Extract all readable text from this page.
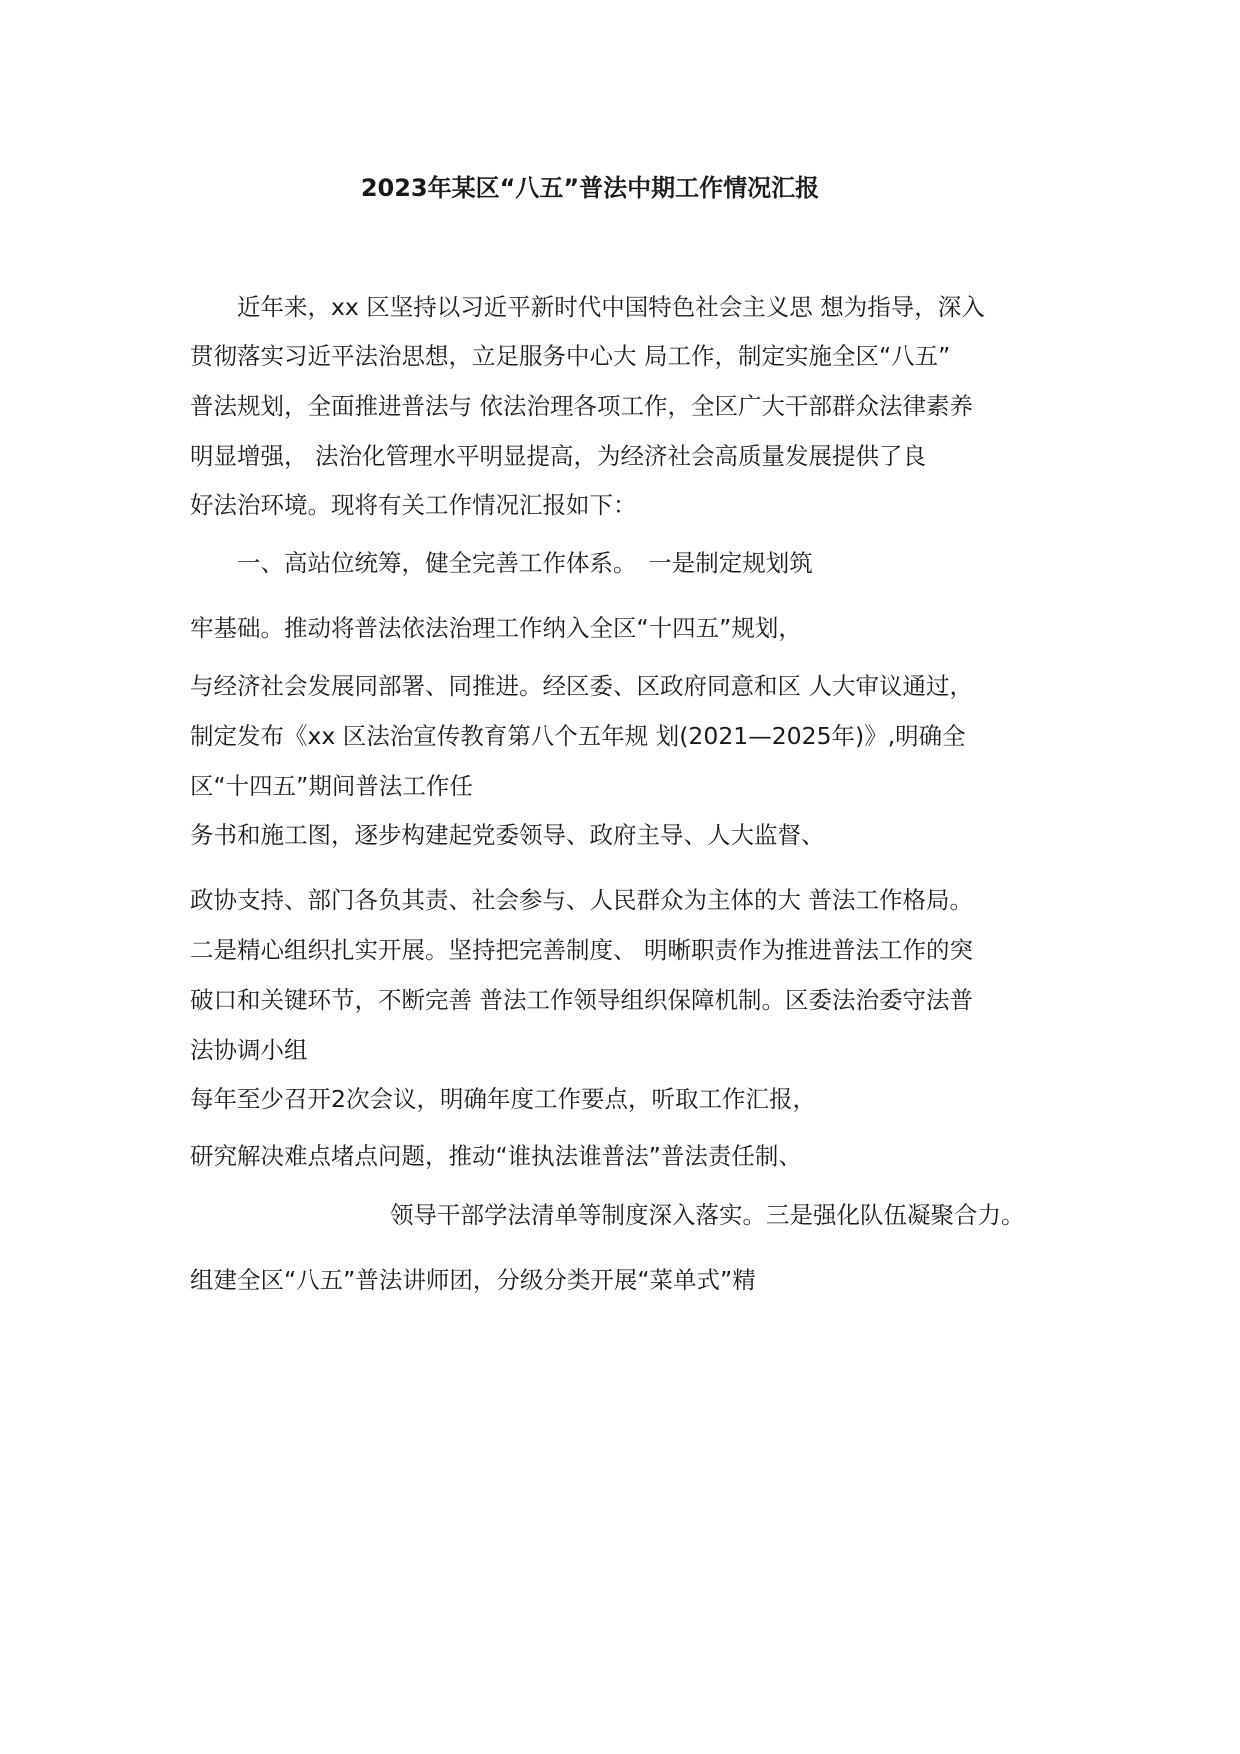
2023年某区“八五”普法中期工作情况汇报
　　近年来，xx 区坚持以习近平新时代中国特色社会主义思 想为指导，深入
贯彻落实习近平法治思想，立足服务中心大 局工作，制定实施全区“八五”
普法规划，全面推进普法与 依法治理各项工作，全区广大干部群众法律素养
明显增强， 法治化管理水平明显提高，为经济社会高质量发展提供了良
好法治环境。现将有关工作情况汇报如下：
　　一、高站位统筹，健全完善工作体系。　一是制定规划筑
牢基础。推动将普法依法治理工作纳入全区“十四五”规划，
与经济社会发展同部署、同推进。经区委、区政府同意和区 人大审议通过，
制定发布《xx 区法治宣传教育第八个五年规 划(2021—2025年)》,明确全
区“十四五”期间普法工作任
务书和施工图，逐步构建起党委领导、政府主导、人大监督、
政协支持、部门各负其责、社会参与、人民群众为主体的大 普法工作格局。
二是精心组织扎实开展。坚持把完善制度、 明晰职责作为推进普法工作的突
破口和关键环节，不断完善 普法工作领导组织保障机制。区委法治委守法普
法协调小组
每年至少召开2次会议，明确年度工作要点，听取工作汇报，
研究解决难点堵点问题，推动“谁执法谁普法”普法责任制、
领导干部学法清单等制度深入落实。三是强化队伍凝聚合力。
组建全区“八五”普法讲师团，分级分类开展“菜单式”精
